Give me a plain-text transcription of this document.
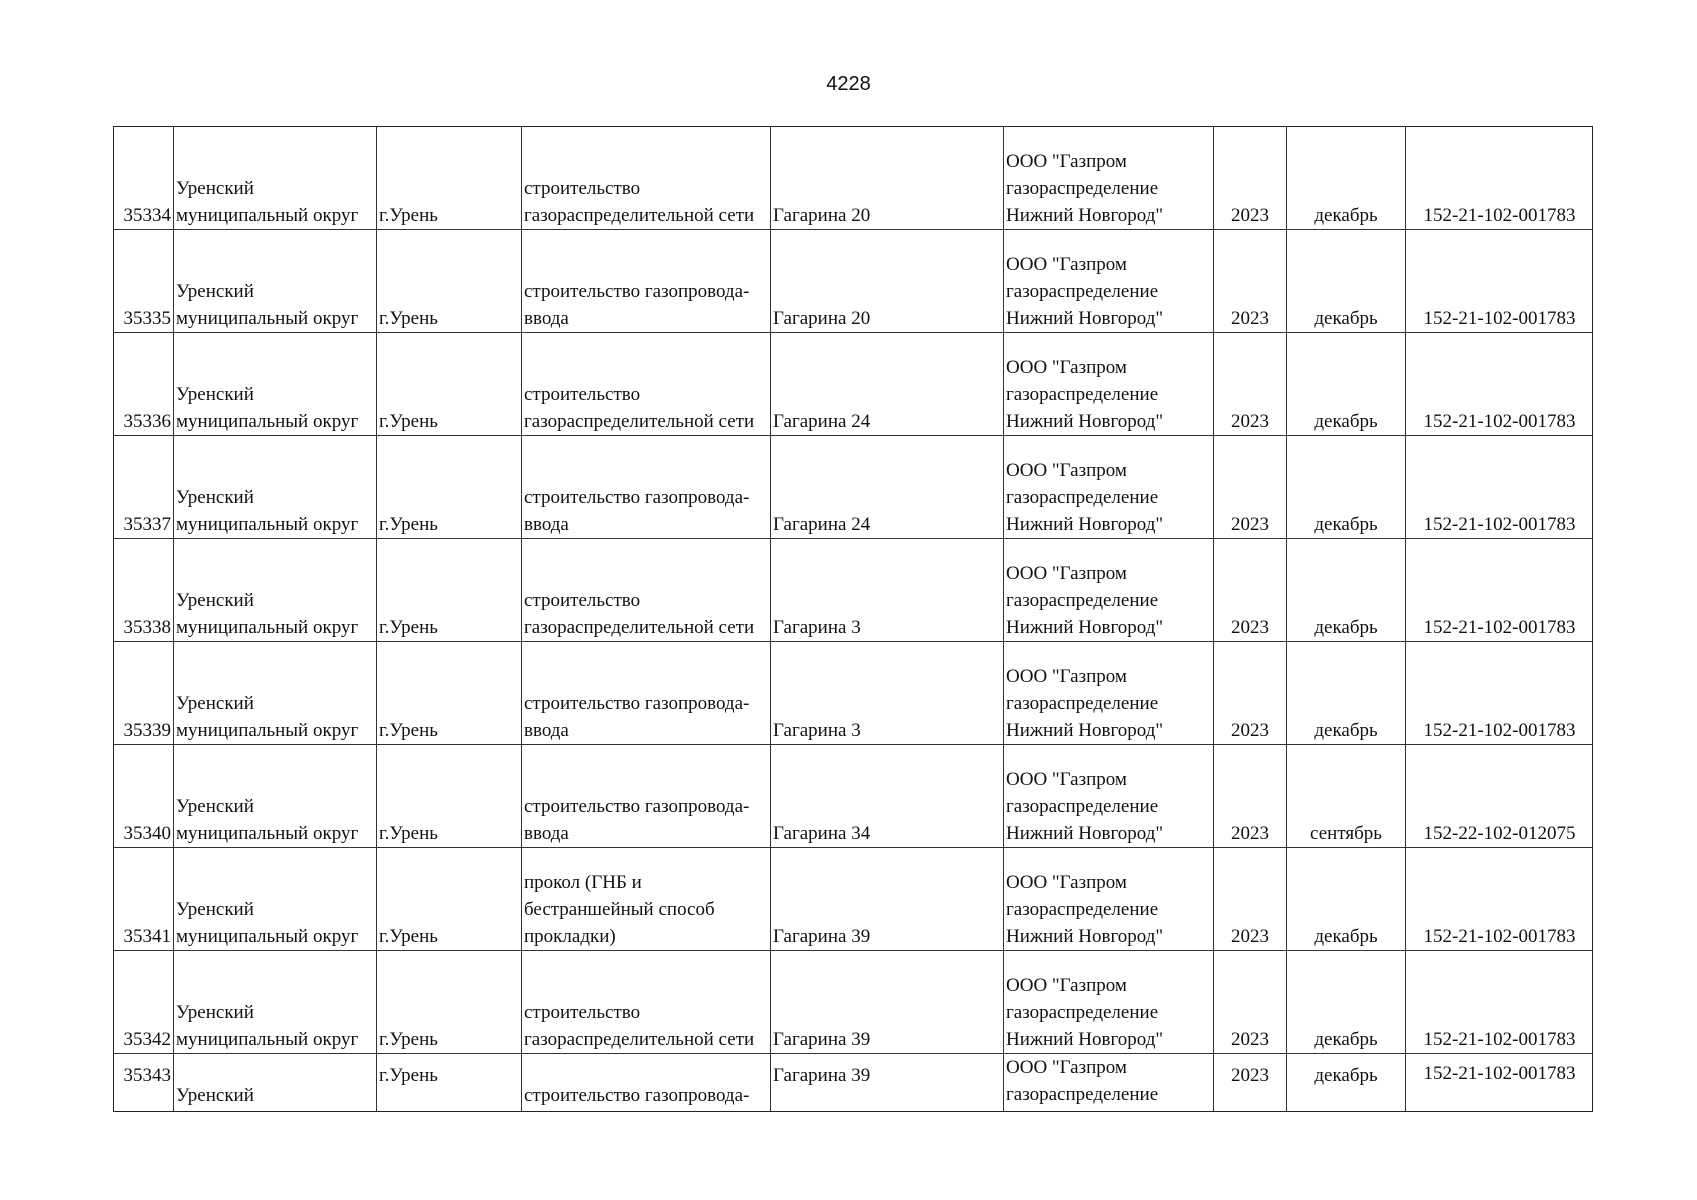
4228
35334	Уренский муниципальный округ	г.Урень	строительство газораспределительной сети	Гагарина 20	ООО "Газпром газораспределение Нижний Новгород"	2023	декабрь	152-21-102-001783
35335	Уренский муниципальный округ	г.Урень	строительство газопровода-ввода	Гагарина 20	ООО "Газпром газораспределение Нижний Новгород"	2023	декабрь	152-21-102-001783
35336	Уренский муниципальный округ	г.Урень	строительство газораспределительной сети	Гагарина 24	ООО "Газпром газораспределение Нижний Новгород"	2023	декабрь	152-21-102-001783
35337	Уренский муниципальный округ	г.Урень	строительство газопровода-ввода	Гагарина 24	ООО "Газпром газораспределение Нижний Новгород"	2023	декабрь	152-21-102-001783
35338	Уренский муниципальный округ	г.Урень	строительство газораспределительной сети	Гагарина 3	ООО "Газпром газораспределение Нижний Новгород"	2023	декабрь	152-21-102-001783
35339	Уренский муниципальный округ	г.Урень	строительство газопровода-ввода	Гагарина 3	ООО "Газпром газораспределение Нижний Новгород"	2023	декабрь	152-21-102-001783
35340	Уренский муниципальный округ	г.Урень	строительство газопровода-ввода	Гагарина 34	ООО "Газпром газораспределение Нижний Новгород"	2023	сентябрь	152-22-102-012075
35341	Уренский муниципальный округ	г.Урень	прокол (ГНБ и бестраншейный способ прокладки)	Гагарина 39	ООО "Газпром газораспределение Нижний Новгород"	2023	декабрь	152-21-102-001783
35342	Уренский муниципальный округ	г.Урень	строительство газораспределительной сети	Гагарина 39	ООО "Газпром газораспределение Нижний Новгород"	2023	декабрь	152-21-102-001783
35343	Уренский	г.Урень	строительство газопровода-	Гагарина 39	ООО "Газпром газораспределение	2023	декабрь	152-21-102-001783
